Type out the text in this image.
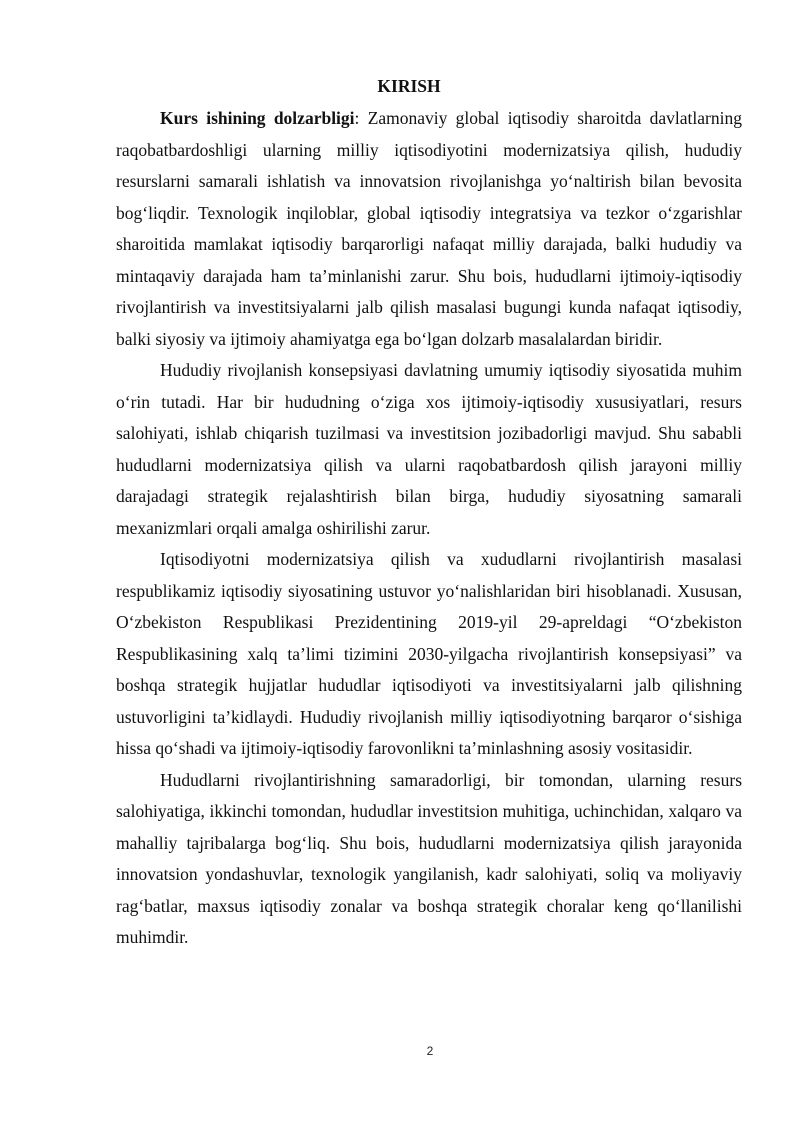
KIRISH

Kurs ishining dolzarbligi: Zamonaviy global iqtisodiy sharoitda davlatlarning raqobatbardoshligi ularning milliy iqtisodiyotini modernizatsiya qilish, hududiy resurslarni samarali ishlatish va innovatsion rivojlanishga yo‘naltirish bilan bevosita bog‘liqdir. Texnologik inqiloblar, global iqtisodiy integratsiya va tezkor o‘zgarishlar sharoitida mamlakat iqtisodiy barqarorligi nafaqat milliy darajada, balki hududiy va mintaqaviy darajada ham ta’minlanishi zarur. Shu bois, hududlarni ijtimoiy-iqtisodiy rivojlantirish va investitsiyalarni jalb qilish masalasi bugungi kunda nafaqat iqtisodiy, balki siyosiy va ijtimoiy ahamiyatga ega bo‘lgan dolzarb masalalardan biridir.

Hududiy rivojlanish konsepsiyasi davlatning umumiy iqtisodiy siyosatida muhim o‘rin tutadi. Har bir hududning o‘ziga xos ijtimoiy-iqtisodiy xususiyatlari, resurs salohiyati, ishlab chiqarish tuzilmasi va investitsion jozibadorligi mavjud. Shu sababli hududlarni modernizatsiya qilish va ularni raqobatbardosh qilish jarayoni milliy darajadagi strategik rejalashtirish bilan birga, hududiy siyosatning samarali mexanizmlari orqali amalga oshirilishi zarur.

Iqtisodiyotni modernizatsiya qilish va xududlarni rivojlantirish masalasi respublikamiz iqtisodiy siyosatining ustuvor yo‘nalishlaridan biri hisoblanadi. Xususan, O‘zbekiston Respublikasi Prezidentining 2019-yil 29-apreldagi “O‘zbekiston Respublikasining xalq ta’limi tizimini 2030-yilgacha rivojlantirish konsepsiyasi” va boshqa strategik hujjatlar hududlar iqtisodiyoti va investitsiyalarni jalb qilishning ustuvorligini ta’kidlaydi. Hududiy rivojlanish milliy iqtisodiyotning barqaror o‘sishiga hissa qo‘shadi va ijtimoiy-iqtisodiy farovonlikni ta’minlashning asosiy vositasidir.

Hududlarni rivojlantirishning samaradorligi, bir tomondan, ularning resurs salohiyatiga, ikkinchi tomondan, hududlar investitsion muhitiga, uchinchidan, xalqaro va mahalliy tajribalarga bog‘liq. Shu bois, hududlarni modernizatsiya qilish jarayonida innovatsion yondashuvlar, texnologik yangilanish, kadr salohiyati, soliq va moliyaviy rag‘batlar, maxsus iqtisodiy zonalar va boshqa strategik choralar keng qo‘llanilishi muhimdir.

2
